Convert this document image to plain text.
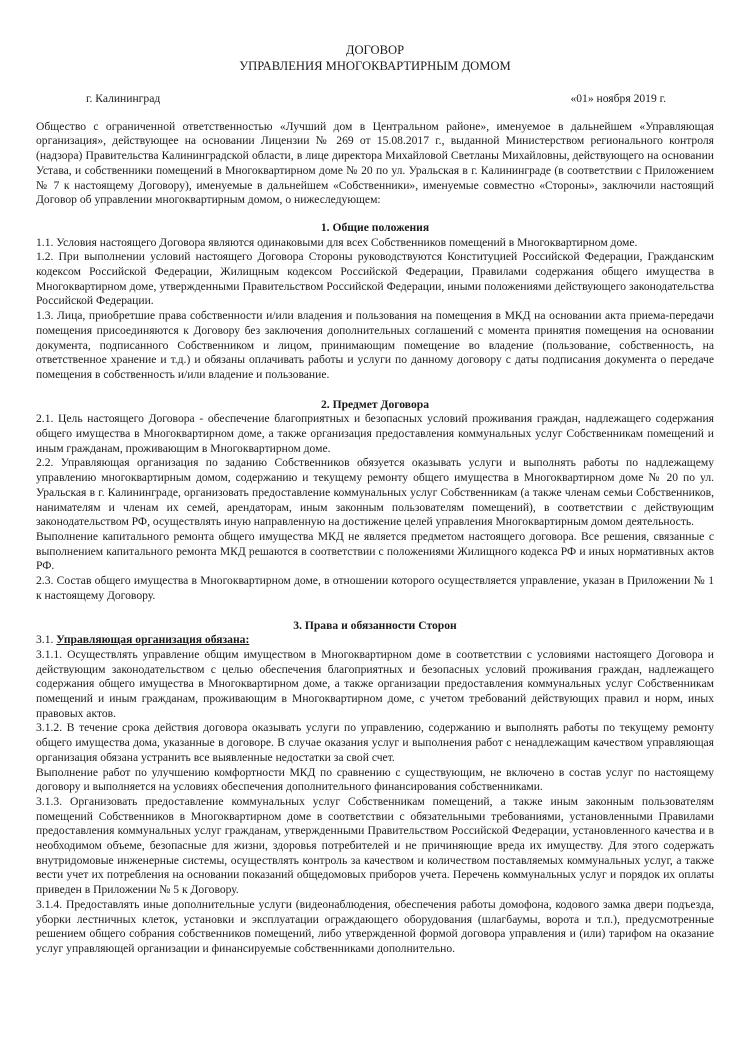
ДОГОВОР

УПРАВЛЕНИЯ МНОГОКВАРТИРНЫМ ДОМОМ

г. Калининград	«01» ноября 2019 г.

Общество с ограниченной ответственностью «Лучший дом в Центральном районе», именуемое в дальнейшем «Управляющая организация», действующее на основании Лицензии № 269 от 15.08.2017 г., выданной Министерством регионального контроля (надзора) Правительства Калининградской области, в лице директора Михайловой Светланы Михайловны, действующего на основании Устава, и собственники помещений в Многоквартирном доме № 20 по ул. Уральская в г. Калининграде (в соответствии с Приложением № 7 к настоящему Договору), именуемые в дальнейшем «Собственники», именуемые совместно «Стороны», заключили настоящий Договор об управлении многоквартирным домом, о нижеследующем:

1. Общие положения

1.1. Условия настоящего Договора являются одинаковыми для всех Собственников помещений в Многоквартирном доме.

1.2. При выполнении условий настоящего Договора Стороны руководствуются Конституцией Российской Федерации, Гражданским кодексом Российской Федерации, Жилищным кодексом Российской Федерации, Правилами содержания общего имущества в Многоквартирном доме, утвержденными Правительством Российской Федерации, иными положениями действующего законодательства Российской Федерации.

1.3. Лица, приобретшие права собственности и/или владения и пользования на помещения в МКД на основании акта приема-передачи помещения присоединяются к Договору без заключения дополнительных соглашений с момента принятия помещения на основании документа, подписанного Собственником и лицом, принимающим помещение во владение (пользование, собственность, на ответственное хранение и т.д.) и обязаны оплачивать работы и услуги по данному договору с даты подписания документа о передаче помещения в собственность и/или владение и пользование.

2. Предмет Договора

2.1. Цель настоящего Договора - обеспечение благоприятных и безопасных условий проживания граждан, надлежащего содержания общего имущества в Многоквартирном доме, а также организация предоставления коммунальных услуг Собственникам помещений и иным гражданам, проживающим в Многоквартирном доме.

2.2. Управляющая организация по заданию Собственников обязуется оказывать услуги и выполнять работы по надлежащему управлению многоквартирным домом, содержанию и текущему ремонту общего имущества в Многоквартирном доме № 20 по ул. Уральская в г. Калининграде, организовать предоставление коммунальных услуг Собственникам (а также членам семьи Собственников, нанимателям и членам их семей, арендаторам, иным законным пользователям помещений), в соответствии с действующим законодательством РФ, осуществлять иную направленную на достижение целей управления Многоквартирным домом деятельность.

Выполнение капитального ремонта общего имущества МКД не является предметом настоящего договора. Все решения, связанные с выполнением капитального ремонта МКД решаются в соответствии с положениями Жилищного кодекса РФ и иных нормативных актов РФ.

2.3. Состав общего имущества в Многоквартирном доме, в отношении которого осуществляется управление, указан в Приложении № 1 к настоящему Договору.

3. Права и обязанности Сторон

3.1. Управляющая организация обязана:

3.1.1. Осуществлять управление общим имуществом в Многоквартирном доме в соответствии с условиями настоящего Договора и действующим законодательством с целью обеспечения благоприятных и безопасных условий проживания граждан, надлежащего содержания общего имущества в Многоквартирном доме, а также организации предоставления коммунальных услуг Собственникам помещений и иным гражданам, проживающим в Многоквартирном доме, с учетом требований действующих правил и норм, иных правовых актов.

3.1.2. В течение срока действия договора оказывать услуги по управлению, содержанию и выполнять работы по текущему ремонту общего имущества дома, указанные в договоре. В случае оказания услуг и выполнения работ с ненадлежащим качеством управляющая организация обязана устранить все выявленные недостатки за свой счет.

Выполнение работ по улучшению комфортности МКД по сравнению с существующим, не включено в состав услуг по настоящему договору и выполняется на условиях обеспечения дополнительного финансирования собственниками.

3.1.3. Организовать предоставление коммунальных услуг Собственникам помещений, а также иным законным пользователям помещений Собственников в Многоквартирном доме в соответствии с обязательными требованиями, установленными Правилами предоставления коммунальных услуг гражданам, утвержденными Правительством Российской Федерации, установленного качества и в необходимом объеме, безопасные для жизни, здоровья потребителей и не причиняющие вреда их имуществу. Для этого содержать внутридомовые инженерные системы, осуществлять контроль за качеством и количеством поставляемых коммунальных услуг, а также вести учет их потребления на основании показаний общедомовых приборов учета. Перечень коммунальных услуг и порядок их оплаты приведен в Приложении № 5 к Договору.

3.1.4. Предоставлять иные дополнительные услуги (видеонаблюдения, обеспечения работы домофона, кодового замка двери подъезда, уборки лестничных клеток, установки и эксплуатации ограждающего оборудования (шлагбаумы, ворота и т.п.), предусмотренные решением общего собрания собственников помещений, либо утвержденной формой договора управления и (или) тарифом на оказание услуг управляющей организации и финансируемые собственниками дополнительно.
